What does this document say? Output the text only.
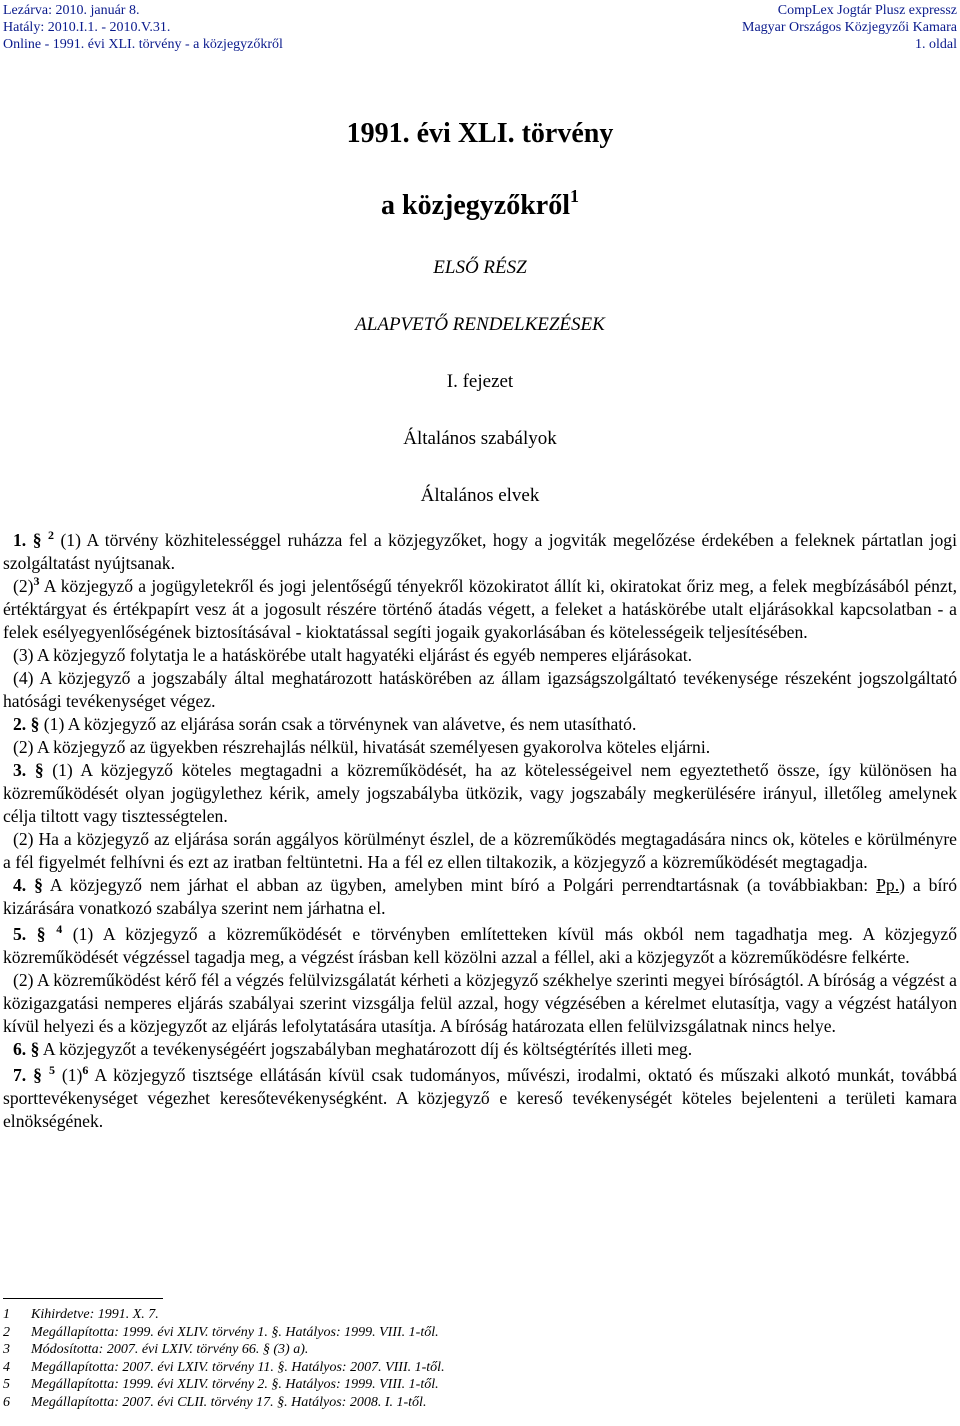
Lezárva: 2010. január 8.
Hatály: 2010.I.1. - 2010.V.31.
Online - 1991. évi XLI. törvény - a közjegyzőkről
CompLex Jogtár Plusz expressz
Magyar Országos Közjegyzői Kamara
1. oldal
1991. évi XLI. törvény
a közjegyzőkről$^1$
ELSŐ RÉSZ
ALAPVETŐ RENDELKEZÉSEK
I. fejezet
Általános szabályok
Általános elvek

1. § $^2$ (1) A törvény közhitelességgel ruházza fel a közjegyzőket, hogy a jogviták megelőzése érdekében a feleknek pártatlan jogi szolgáltatást nyújtsanak.

$(2)^3$ A közjegyző a jogügyletekről és jogi jelentőségű tényekről közokiratot állít ki, okiratokat őriz meg, a felek megbízásából pénzt, értéktárgyat és értékpapírt vesz át a jogosult részére történő átadás végett, a feleket a hatáskörébe utalt eljárásokkal kapcsolatban - a felek esélyegyenlőségének biztosításával - kioktatással segíti jogaik gyakorlásában és kötelességeik teljesítésében.

(3) A közjegyző folytatja le a hatáskörébe utalt hagyatéki eljárást és egyéb nemperes eljárásokat.

(4) A közjegyző a jogszabály által meghatározott hatáskörében az állam igazságszolgáltató tevékenysége részeként jogszolgáltató hatósági tevékenységet végez.

2. § (1) A közjegyző az eljárása során csak a törvénynek van alávetve, és nem utasítható.

(2) A közjegyző az ügyekben részrehajlás nélkül, hivatását személyesen gyakorolva köteles eljárni.

3. § (1) A közjegyző köteles megtagadni a közreműködését, ha az kötelességeivel nem egyeztethető össze, így különösen ha közreműködését olyan jogügylethez kérik, amely jogszabályba ütközik, vagy jogszabály megkerülésére irányul, illetőleg amelynek célja tiltott vagy tisztességtelen.

(2) Ha a közjegyző az eljárása során aggályos körülményt észlel, de a közreműködés megtagadására nincs ok, köteles e körülményre a fél figyelmét felhívni és ezt az iratban feltüntetni. Ha a fél ez ellen tiltakozik, a közjegyző a közreműködését megtagadja.

4. § A közjegyző nem járhat el abban az ügyben, amelyben mint bíró a Polgári perrendtartásnak (a továbbiakban: Pp.) a bíró kizárására vonatkozó szabálya szerint nem járhatna el.

5. § $^4$ (1) A közjegyző a közreműködését e törvényben említetteken kívül más okból nem tagadhatja meg. A közjegyző közreműködését végzéssel tagadja meg, a végzést írásban kell közölni azzal a féllel, aki a közjegyzőt a közreműködésre felkérte.

(2) A közreműködést kérő fél a végzés felülvizsgálatát kérheti a közjegyző székhelye szerinti megyei bíróságtól. A bíróság a végzést a közigazgatási nemperes eljárás szabályai szerint vizsgálja felül azzal, hogy végzésében a kérelmet elutasítja, vagy a végzést hatályon kívül helyezi és a közjegyzőt az eljárás lefolytatására utasítja. A bíróság határozata ellen felülvizsgálatnak nincs helye.

6. § A közjegyzőt a tevékenységéért jogszabályban meghatározott díj és költségtérítés illeti meg.

7. § $^5$ $(1)^6$ A közjegyző tisztsége ellátásán kívül csak tudományos, művészi, irodalmi, oktató és műszaki alkotó munkát, továbbá sporttevékenységet végezhet keresőtevékenységként. A közjegyző e kereső tevékenységét köteles bejelenteni a területi kamara elnökségének.

1 Kihirdetve: 1991. X. 7.
2 Megállapította: 1999. évi XLIV. törvény 1. §. Hatályos: 1999. VIII. 1-től.
3 Módosította: 2007. évi LXIV. törvény 66. § (3) a).
4 Megállapította: 2007. évi LXIV. törvény 11. §. Hatályos: 2007. VIII. 1-től.
5 Megállapította: 1999. évi XLIV. törvény 2. §. Hatályos: 1999. VIII. 1-től.
6 Megállapította: 2007. évi CLII. törvény 17. §. Hatályos: 2008. I. 1-től.
